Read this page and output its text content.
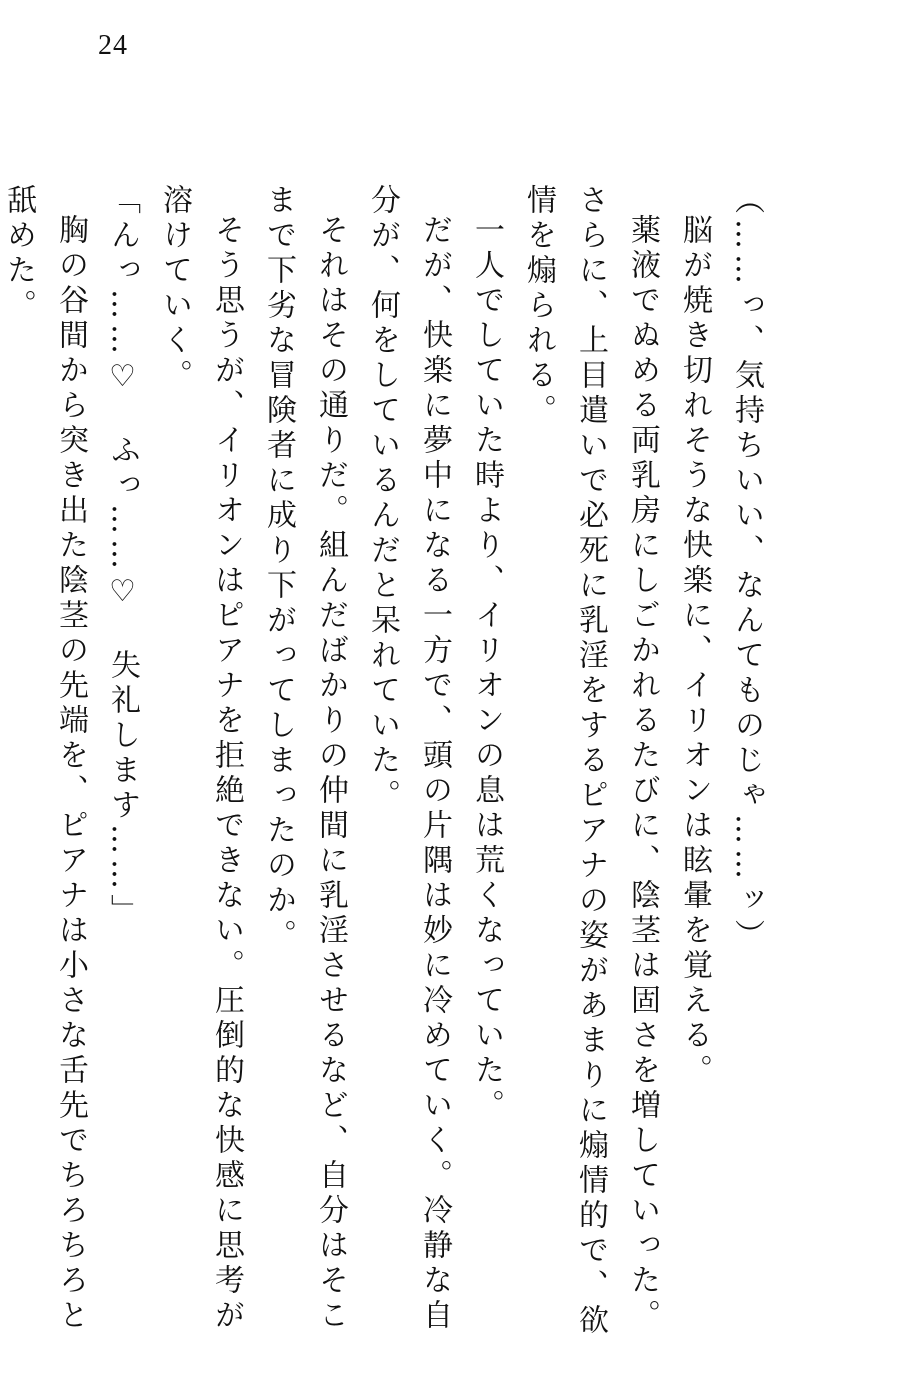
24

（……っ、気持ちいい、なんてものじゃ……ッ）

脳が焼き切れそうな快楽に、イリオンは眩暈を覚える。

薬液でぬめる両乳房にしごかれるたびに、陰茎は固さを増していった。さらに、上目遣いで必死に乳淫をするピアナの姿があまりに煽情的で、欲情を煽られる。

一人でしていた時より、イリオンの息は荒くなっていた。

だが、快楽に夢中になる一方で、頭の片隅は妙に冷めていく。冷静な自分が、何をしているんだと呆れていた。

それはその通りだ。組んだばかりの仲間に乳淫させるなど、自分はそこまで下劣な冒険者に成り下がってしまったのか。

そう思うが、イリオンはピアナを拒絶できない。圧倒的な快感に思考が溶けていく。

「んっ……♡　ふっ……♡　失礼します……」

胸の谷間から突き出た陰茎の先端を、ピアナは小さな舌先でちろちろと舐めた。
